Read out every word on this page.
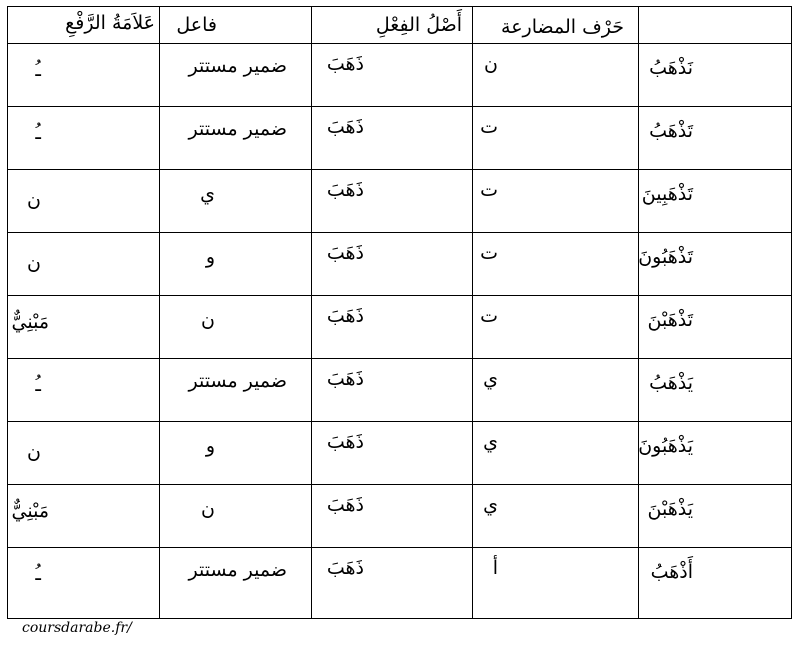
عَلاَمَةُ الرَّفْعِ	فاعل	أَصْلُ الفِعْلِ	حَرْف المضارعة	

ـُ	ضمير مستتر	ذَهَبَ	ن	نَذْهَبُ

ـُ	ضمير مستتر	ذَهَبَ	ت	تَذْهَبُ

ن	ي	ذَهَبَ	ت	تَذْهَبِينَ

ن	و	ذَهَبَ	ت	تَذْهَبُونَ

مَبْنِيٌّ	ن	ذَهَبَ	ت	تَذْهَبْنَ

ـُ	ضمير مستتر	ذَهَبَ	ي	يَذْهَبُ

ن	و	ذَهَبَ	ي	يَذْهَبُونَ

مَبْنِيٌّ	ن	ذَهَبَ	ي	يَذْهَبْنَ

ـُ	ضمير مستتر	ذَهَبَ	أ	أَذْهَبُ
coursdarabe.fr/
